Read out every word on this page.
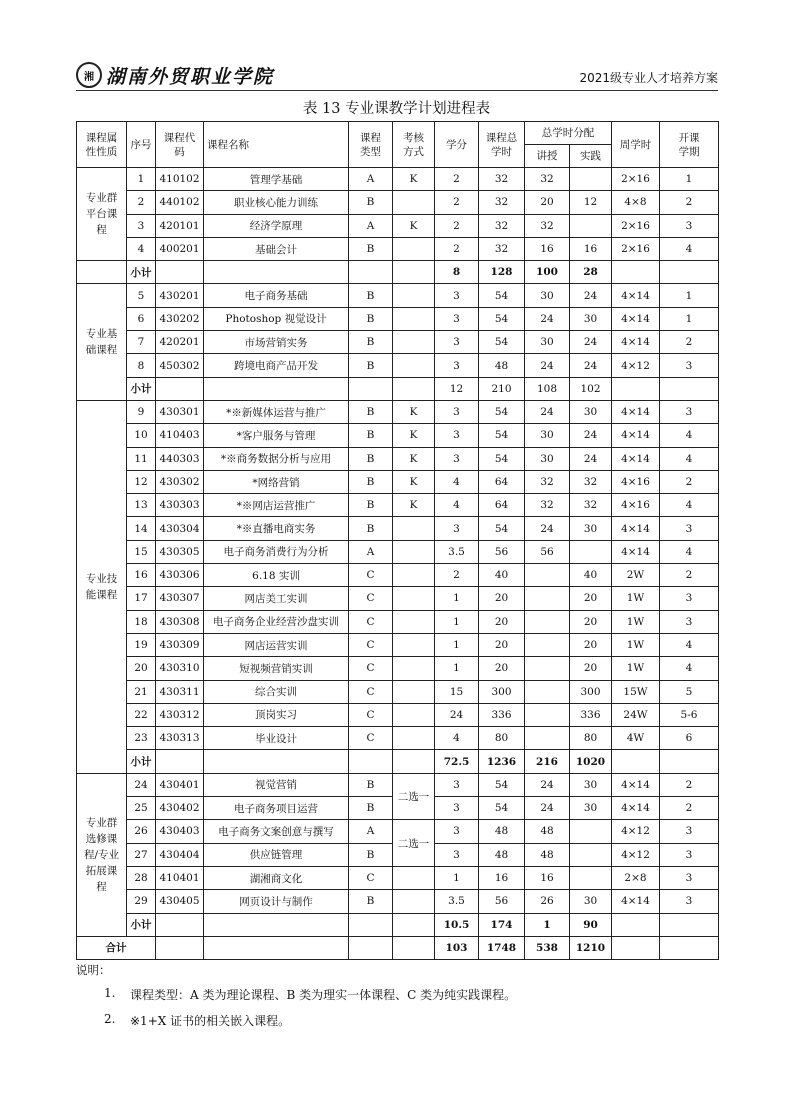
湘 湖南外贸职业学院	2021级专业人才培养方案
表 13 专业课教学计划进程表
课程属性性质	序号	课程代码	课程名称	课程类型	考核方式	学分	课程总学时	总学时分配		周学时	开课学期
								讲授	实践		
专业群平台课程	1	410102	管理学基础	A	K	2	32	32		2×16	1
	2	440102	职业核心能力训练	B		2	32	20	12	4×8	2
	3	420101	经济学原理	A	K	2	32	32		2×16	3
	4	400201	基础会计	B		2	32	16	16	2×16	4
	小计					8	128	100	28		
专业基础课程	5	430201	电子商务基础	B		3	54	30	24	4×14	1
	6	430202	Photoshop 视觉设计	B		3	54	24	30	4×14	1
	7	420201	市场营销实务	B		3	54	30	24	4×14	2
	8	450302	跨境电商产品开发	B		3	48	24	24	4×12	3
	小计					12	210	108	102		
专业技能课程	9	430301	*※新媒体运营与推广	B	K	3	54	24	30	4×14	3
	10	410403	*客户服务与管理	B	K	3	54	30	24	4×14	4
	11	440303	*※商务数据分析与应用	B	K	3	54	30	24	4×14	4
	12	430302	*网络营销	B	K	4	64	32	32	4×16	2
	13	430303	*※网店运营推广	B	K	4	64	32	32	4×16	4
	14	430304	*※直播电商实务	B		3	54	24	30	4×14	3
	15	430305	电子商务消费行为分析	A		3.5	56	56		4×14	4
	16	430306	6.18 实训	C		2	40		40	2W	2
	17	430307	网店美工实训	C		1	20		20	1W	3
	18	430308	电子商务企业经营沙盘实训	C		1	20		20	1W	3
	19	430309	网店运营实训	C		1	20		20	1W	4
	20	430310	短视频营销实训	C		1	20		20	1W	4
	21	430311	综合实训	C		15	300		300	15W	5
	22	430312	顶岗实习	C		24	336		336	24W	5-6
	23	430313	毕业设计	C		4	80		80	4W	6
	小计					72.5	1236	216	1020		
专业群选修课程/专业拓展课程	24	430401	视觉营销	B	二选一	3	54	24	30	4×14	2
	25	430402	电子商务项目运营	B		3	54	24	30	4×14	2
	26	430403	电子商务文案创意与撰写	A	二选一	3	48	48		4×12	3
	27	430404	供应链管理	B		3	48	48		4×12	3
	28	410401	湖湘商文化	C		1	16	16		2×8	3
	29	430405	网页设计与制作	B		3.5	56	26	30	4×14	3
	小计					10.5	174	1	90		
合计						103	1748	538	1210		
说明：
1.	课程类型：A 类为理论课程、B 类为理实一体课程、C 类为纯实践课程。
2.	※1+X 证书的相关嵌入课程。
